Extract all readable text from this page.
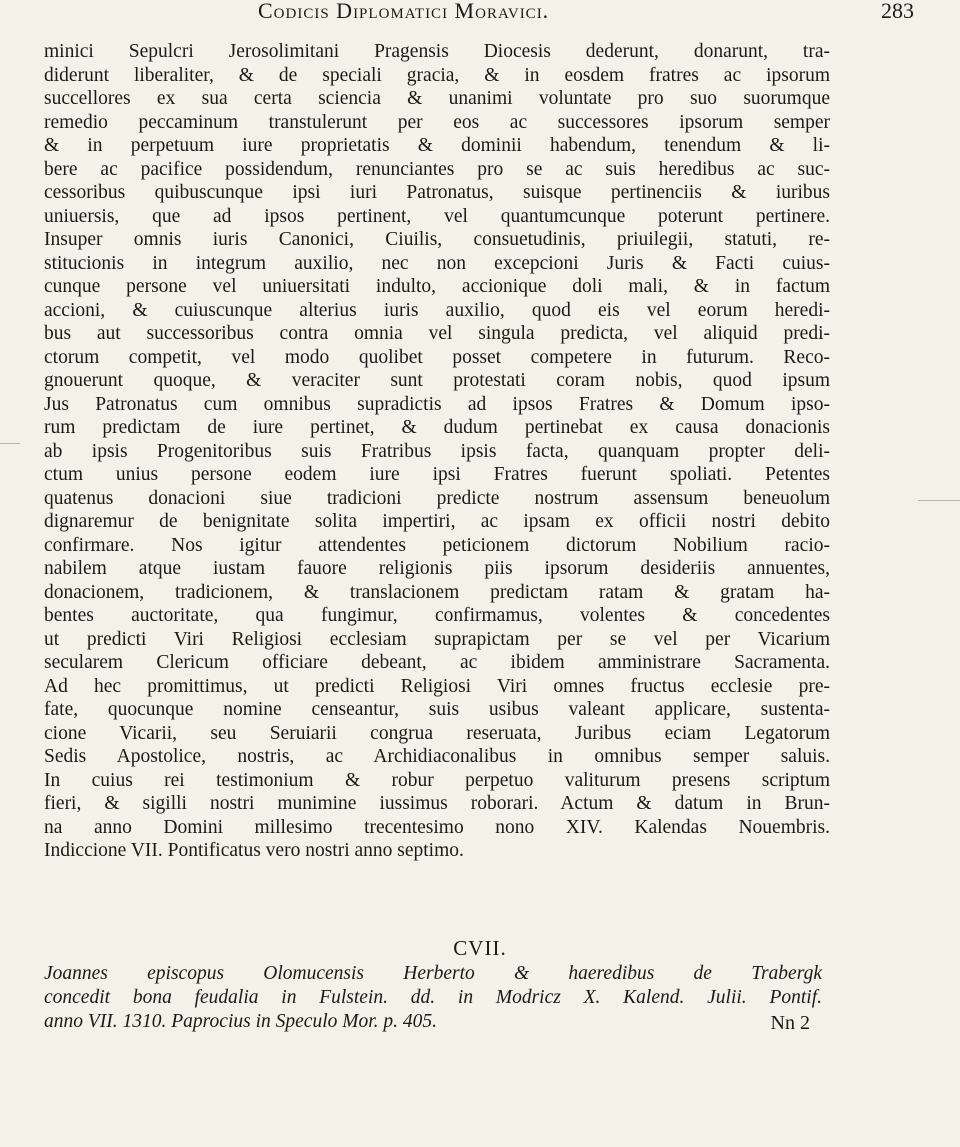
Codicis Diplomatici Moravici.	283
minici Sepulcri Jerosolimitani Pragensis Diocesis dederunt, donarunt, tra-
diderunt liberaliter, & de speciali gracia, & in eosdem fratres ac ipsorum
succellores ex sua certa sciencia & unanimi voluntate pro suo suorumque
remedio peccaminum transtulerunt per eos ac successores ipsorum semper
& in perpetuum iure proprietatis & dominii habendum, tenendum & li-
bere ac pacifice possidendum, renunciantes pro se ac suis heredibus ac suc-
cessoribus quibuscunque ipsi iuri Patronatus, suisque pertinenciis & iuribus
uniuersis, que ad ipsos pertinent, vel quantumcunque poterunt pertinere.
Insuper omnis iuris Canonici, Ciuilis, consuetudinis, priuilegii, statuti, re-
stitucionis in integrum auxilio, nec non excepcioni Juris & Facti cuius-
cunque persone vel uniuersitati indulto, accionique doli mali, & in factum
accioni, & cuiuscunque alterius iuris auxilio, quod eis vel eorum heredi-
bus aut successoribus contra omnia vel singula predicta, vel aliquid predi-
ctorum competit, vel modo quolibet posset competere in futurum. Reco-
gnouerunt quoque, & veraciter sunt protestati coram nobis, quod ipsum
Jus Patronatus cum omnibus supradictis ad ipsos Fratres & Domum ipso-
rum predictam de iure pertinet, & dudum pertinebat ex causa donacionis
ab ipsis Progenitoribus suis Fratribus ipsis facta, quanquam propter deli-
ctum unius persone eodem iure ipsi Fratres fuerunt spoliati. Petentes
quatenus donacioni siue tradicioni predicte nostrum assensum beneuolum
dignaremur de benignitate solita impertiri, ac ipsam ex officii nostri debito
confirmare. Nos igitur attendentes peticionem dictorum Nobilium racio-
nabilem atque iustam fauore religionis piis ipsorum desideriis annuentes,
donacionem, tradicionem, & translacionem predictam ratam & gratam ha-
bentes auctoritate, qua fungimur, confirmamus, volentes & concedentes
ut predicti Viri Religiosi ecclesiam suprapictam per se vel per Vicarium
secularem Clericum officiare debeant, ac ibidem amministrare Sacramenta.
Ad hec promittimus, ut predicti Religiosi Viri omnes fructus ecclesie pre-
fate, quocunque nomine censeantur, suis usibus valeant applicare, sustenta-
cione Vicarii, seu Seruiarii congrua reseruata, Juribus eciam Legatorum
Sedis Apostolice, nostris, ac Archidiaconalibus in omnibus semper saluis.
In cuius rei testimonium & robur perpetuo valiturum presens scriptum
fieri, & sigilli nostri munimine iussimus roborari. Actum & datum in Brun-
na anno Domini millesimo trecentesimo nono XIV. Kalendas Nouembris.
Indiccione VII. Pontificatus vero nostri anno septimo.
CVII.
Joannes episcopus Olomucensis Herberto & haeredibus de Trabergk
concedit bona feudalia in Fulstein. dd. in Modricz X. Kalend. Julii. Pontif.
anno VII. 1310. Paprocius in Speculo Mor. p. 405.	Nn 2
